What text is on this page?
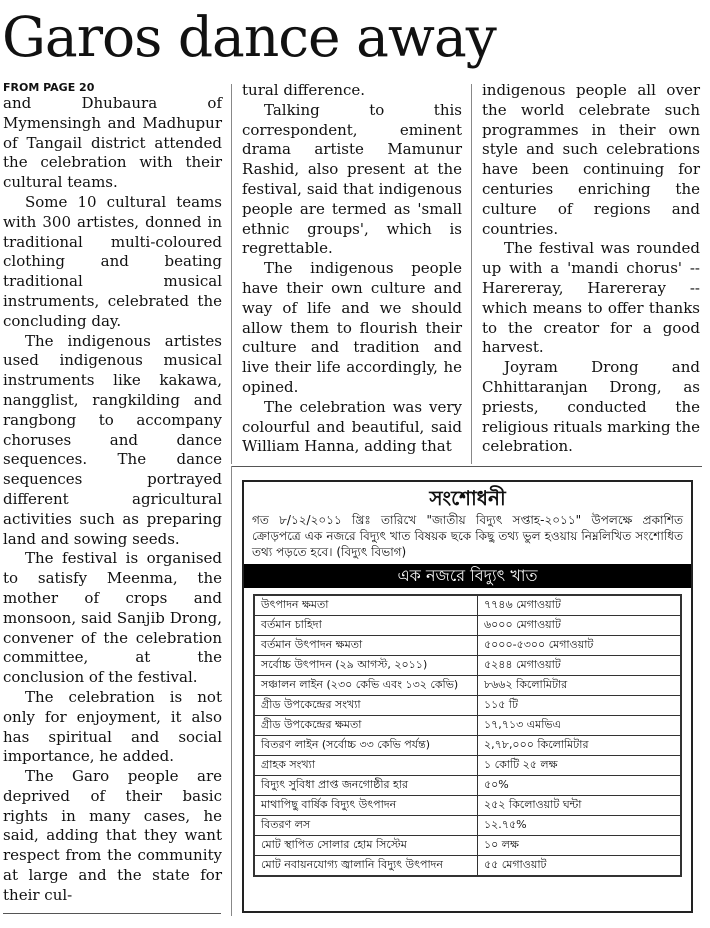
Garos dance away
FROM PAGE 20

and Dhubaura of Mymensingh and Madhupur of Tangail district attended the celebration with their cultural teams.

Some 10 cultural teams with 300 artistes, donned in traditional multi-coloured clothing and beating traditional musical instruments, celebrated the concluding day.

The indigenous artistes used indigenous musical instruments like kakawa, nangglist, rangkilding and rangbong to accompany choruses and dance sequences. The dance sequences portrayed different agricultural activities such as preparing land and sowing seeds.

The festival is organised to satisfy Meenma, the mother of crops and monsoon, said Sanjib Drong, convener of the celebration committee, at the conclusion of the festival.

The celebration is not only for enjoyment, it also has spiritual and social importance, he added.

The Garo people are deprived of their basic rights in many cases, he said, adding that they want respect from the community at large and the state for their cul-

tural difference.

Talking to this correspondent, eminent drama artiste Mamunur Rashid, also present at the festival, said that indigenous people are termed as 'small ethnic groups', which is regrettable.

The indigenous people have their own culture and way of life and we should allow them to flourish their culture and tradition and live their life accordingly, he opined.

The celebration was very colourful and beautiful, said William Hanna, adding that

indigenous people all over the world celebrate such programmes in their own style and such celebrations have been continuing for centuries enriching the culture of regions and countries.

The festival was rounded up with a 'mandi chorus' -- Harereray, Harereray -- which means to offer thanks to the creator for a good harvest.

Joyram Drong and Chhittaranjan Drong, as priests, conducted the religious rituals marking the celebration.

সংশোধনী
গত ৮/১২/২০১১ খ্রিঃ তারিখে "জাতীয় বিদ্যুৎ সপ্তাহ-২০১১" উপলক্ষে প্রকাশিত ক্রোড়পত্রে এক নজরে বিদ্যুৎ খাত বিষয়ক ছকে কিছু তথ্য ভুল হওয়ায় নিম্নলিখিত সংশোধিত তথ্য পড়তে হবে। (বিদ্যুৎ বিভাগ)
এক নজরে বিদ্যুৎ খাত
উৎপাদন ক্ষমতা	৭৭৪৬ মেগাওয়াট
বর্তমান চাহিদা	৬০০০ মেগাওয়াট
বর্তমান উৎপাদন ক্ষমতা	৫০০০-৫৩০০ মেগাওয়াট
সর্বোচ্চ উৎপাদন (২৯ আগস্ট, ২০১১)	৫২৪৪ মেগাওয়াট
সঞ্চালন লাইন (২৩০ কেভি এবং ১৩২ কেভি)	৮৬৬২ কিলোমিটার
গ্রীড উপকেন্দ্রের সংখ্যা	১১৫ টি
গ্রীড উপকেন্দ্রের ক্ষমতা	১৭,৭১৩ এমভিএ
বিতরণ লাইন (সর্বোচ্চ ৩৩ কেভি পর্যন্ত)	২,৭৮,০০০ কিলোমিটার
গ্রাহক সংখ্যা	১ কোটি ২৫ লক্ষ
বিদ্যুৎ সুবিধা প্রাপ্ত জনগোষ্ঠীর হার	৫০%
মাথাপিছু বার্ষিক বিদ্যুৎ উৎপাদন	২৫২ কিলোওয়াট ঘন্টা
বিতরণ লস	১২.৭৫%
মোট স্থাপিত সোলার হোম সিস্টেম	১০ লক্ষ
মোট নবায়নযোগ্য জ্বালানি বিদ্যুৎ উৎপাদন	৫৫ মেগাওয়াট
